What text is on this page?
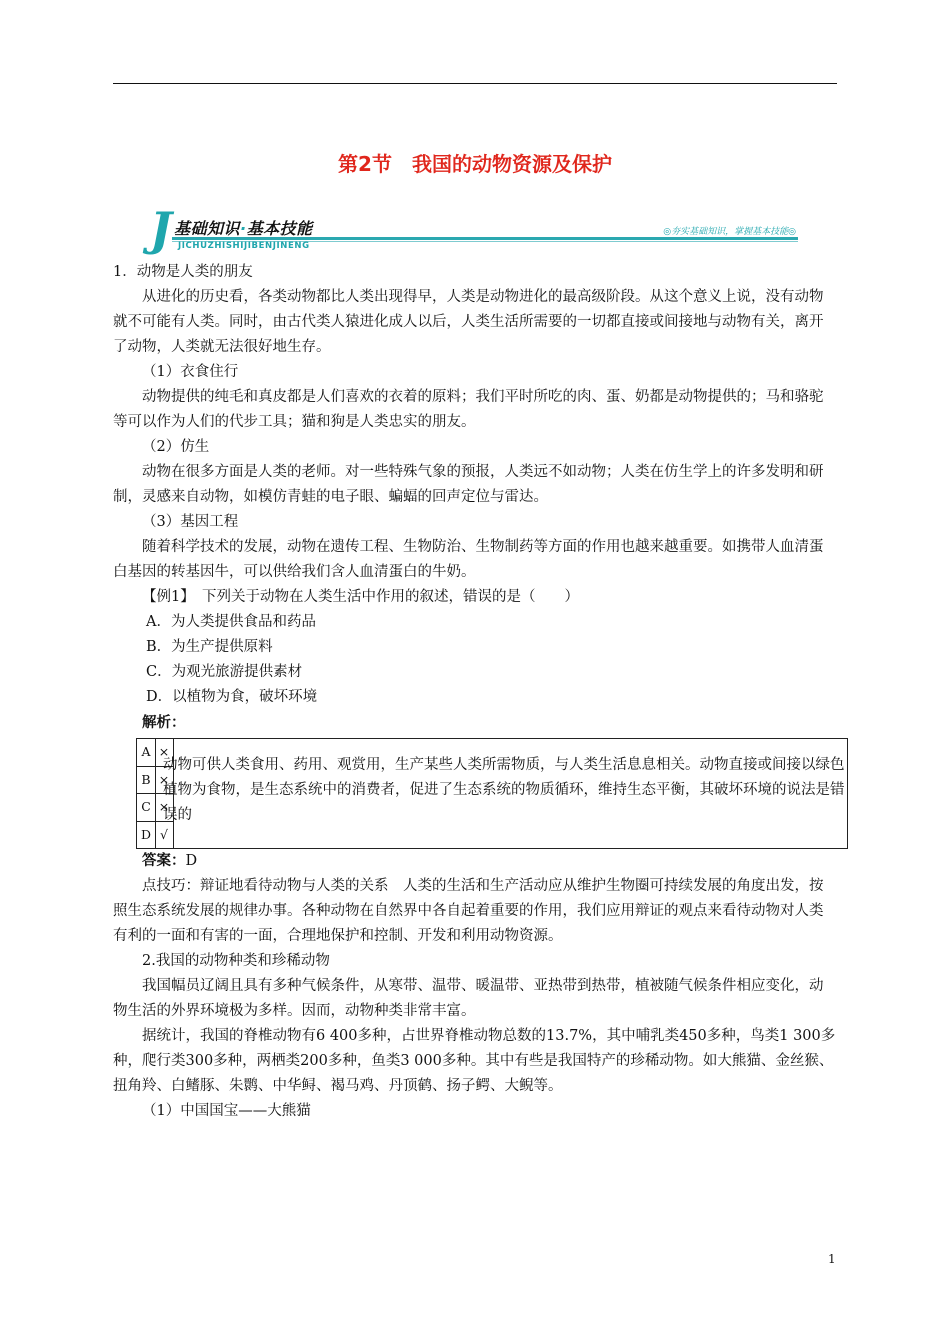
第2节　我国的动物资源及保护
J 基础知识·基本技能
JICHUZHISHIJIBENJINENG
◎夯实基础知识，掌握基本技能◎

1．动物是人类的朋友

从进化的历史看，各类动物都比人类出现得早，人类是动物进化的最高级阶段。从这个意义上说，没有动物就不可能有人类。同时，由古代类人猿进化成人以后，人类生活所需要的一切都直接或间接地与动物有关，离开了动物，人类就无法很好地生存。

（1）衣食住行

动物提供的纯毛和真皮都是人们喜欢的衣着的原料；我们平时所吃的肉、蛋、奶都是动物提供的；马和骆驼等可以作为人们的代步工具；猫和狗是人类忠实的朋友。

（2）仿生

动物在很多方面是人类的老师。对一些特殊气象的预报，人类远不如动物；人类在仿生学上的许多发明和研制，灵感来自动物，如模仿青蛙的电子眼、蝙蝠的回声定位与雷达。

（3）基因工程

随着科学技术的发展，动物在遗传工程、生物防治、生物制药等方面的作用也越来越重要。如携带人血清蛋白基因的转基因牛，可以供给我们含人血清蛋白的牛奶。

【例1】　下列关于动物在人类生活中作用的叙述，错误的是（　　）

A．为人类提供食品和药品

B．为生产提供原料

C．为观光旅游提供素材

D．以植物为食，破坏环境

解析：

A
B
C
D
×
×
×
√
动物可供人类食用、药用、观赏用，生产某些人类所需物质，与人类生活息息相关。动物直接或间接以绿色植物为食物，是生态系统中的消费者，促进了生态系统的物质循环，维持生态平衡，其破坏环境的说法是错误的

答案：D

点技巧：辩证地看待动物与人类的关系　人类的生活和生产活动应从维护生物圈可持续发展的角度出发，按照生态系统发展的规律办事。各种动物在自然界中各自起着重要的作用，我们应用辩证的观点来看待动物对人类有利的一面和有害的一面，合理地保护和控制、开发和利用动物资源。

2.我国的动物种类和珍稀动物

我国幅员辽阔且具有多种气候条件，从寒带、温带、暖温带、亚热带到热带，植被随气候条件相应变化，动物生活的外界环境极为多样。因而，动物种类非常丰富。

据统计，我国的脊椎动物有6 400多种，占世界脊椎动物总数的13.7%，其中哺乳类450多种，鸟类1 300多种，爬行类300多种，两栖类200多种，鱼类3 000多种。其中有些是我国特产的珍稀动物。如大熊猫、金丝猴、扭角羚、白鳍豚、朱鹮、中华鲟、褐马鸡、丹顶鹤、扬子鳄、大鲵等。

（1）中国国宝——大熊猫

1
